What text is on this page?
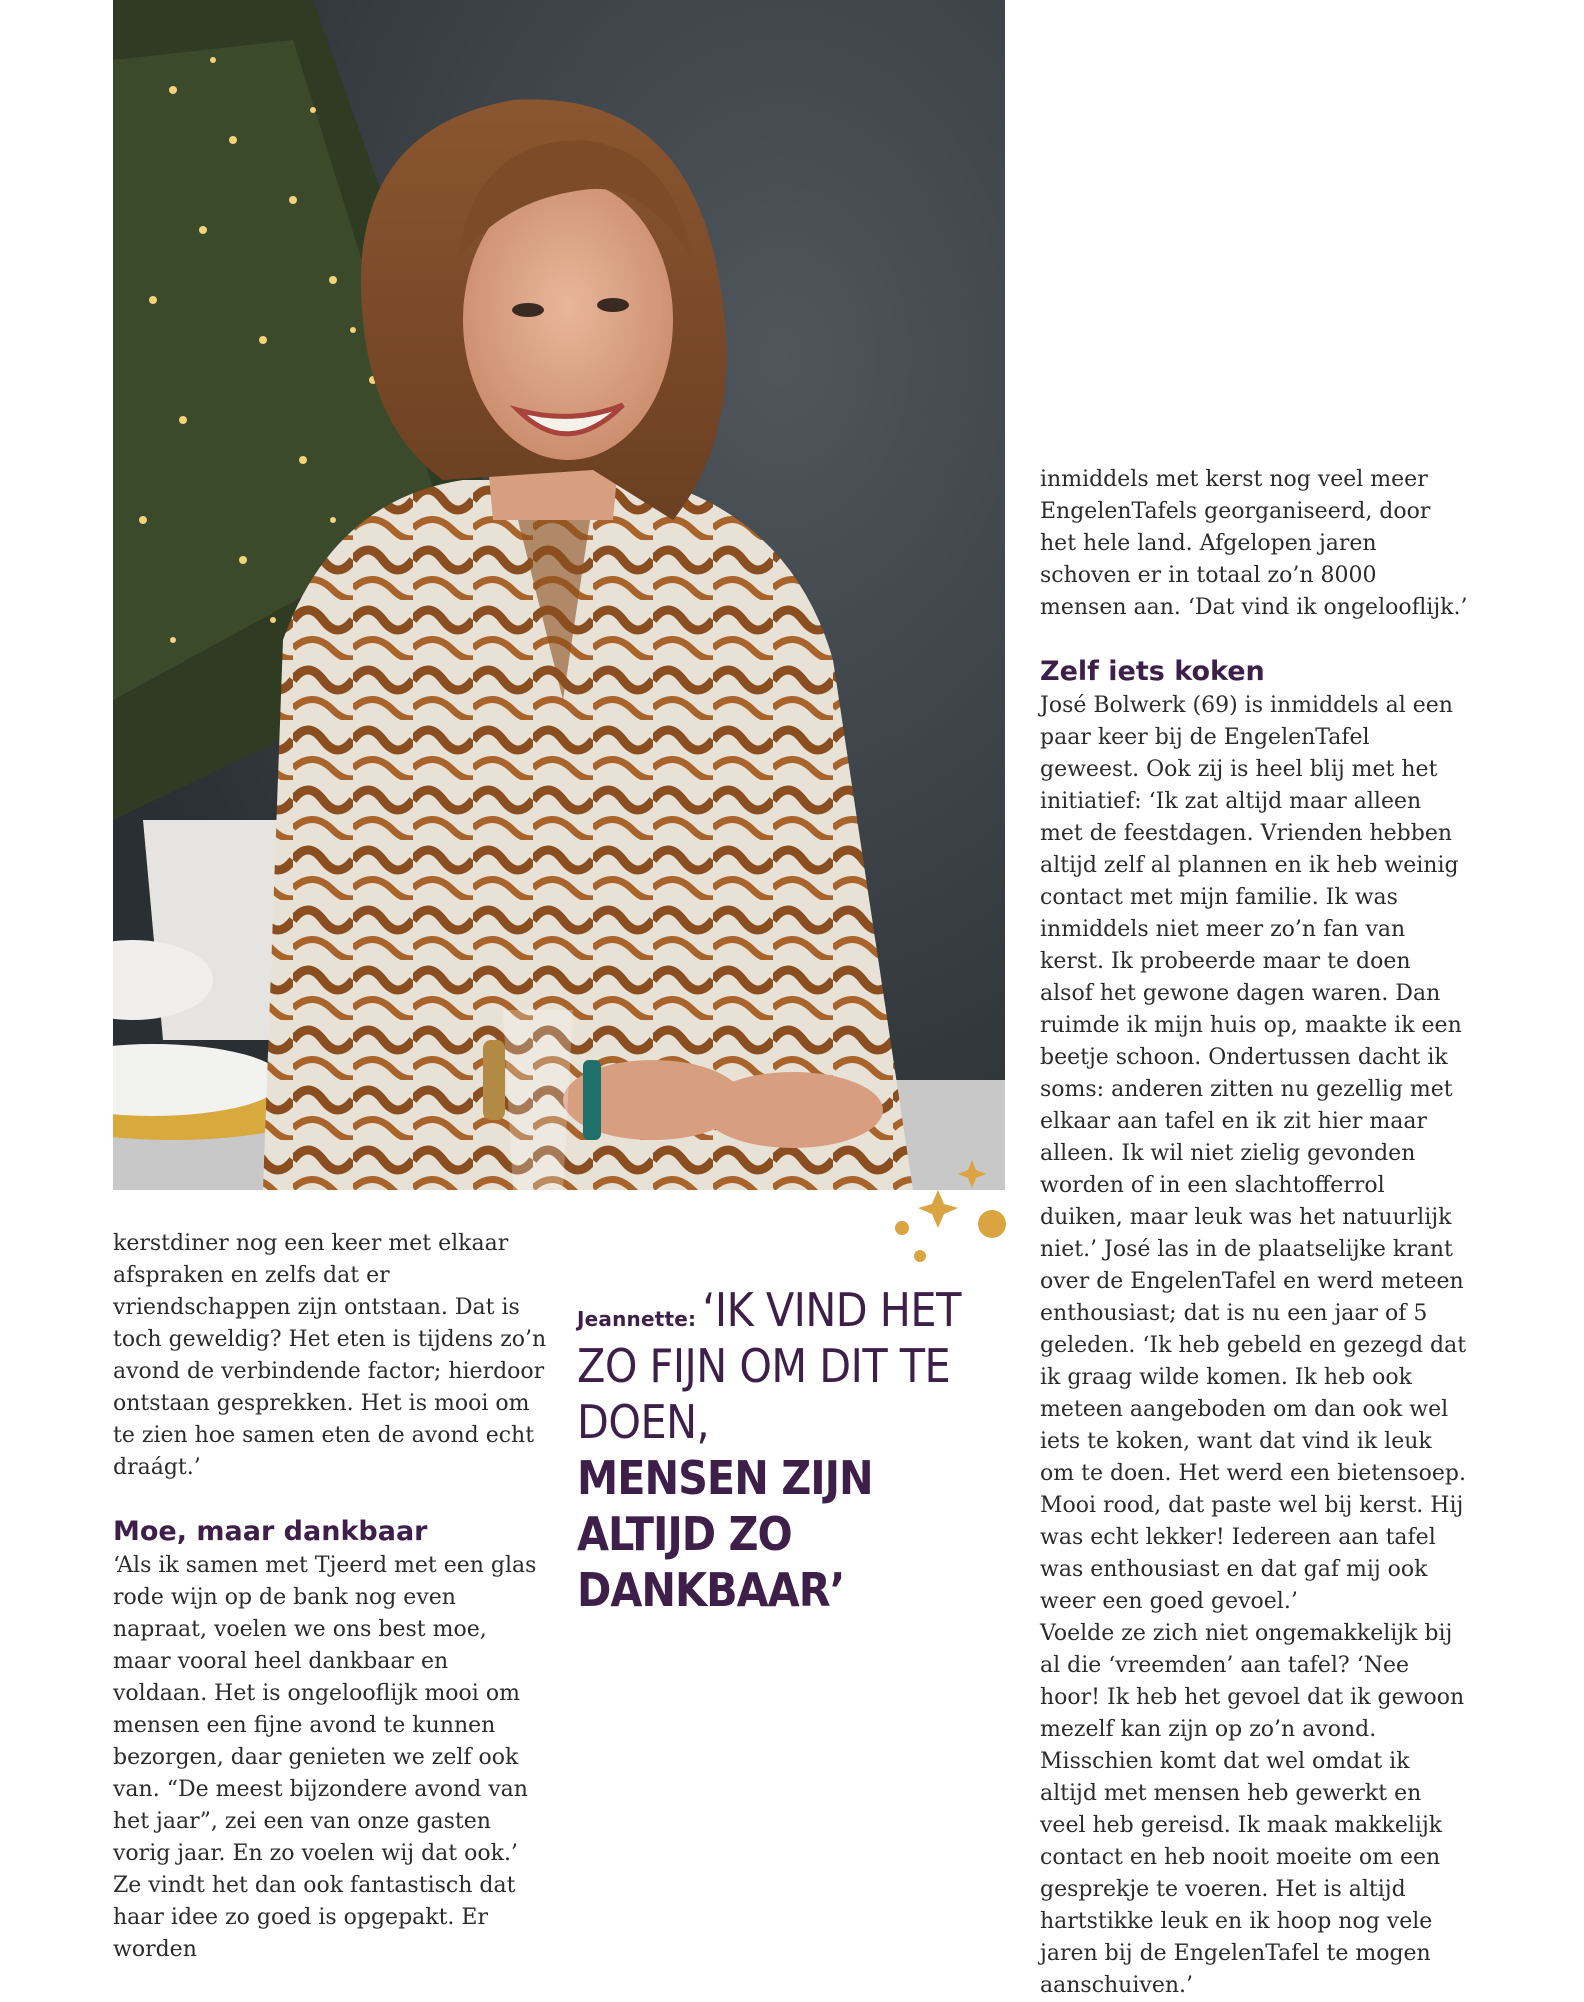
kerstdiner nog een keer met elkaar afspraken en zelfs dat er vriendschappen zijn ontstaan. Dat is toch geweldig? Het eten is tijdens zo’n avond de verbindende factor; hierdoor ontstaan gesprekken. Het is mooi om te zien hoe samen eten de avond echt draágt.’

Moe, maar dankbaar

‘Als ik samen met Tjeerd met een glas rode wijn op de bank nog even napraat, voelen we ons best moe, maar vooral heel dankbaar en voldaan. Het is ongelooflijk mooi om mensen een fijne avond te kunnen bezorgen, daar genieten we zelf ook van. “De meest bijzondere avond van het jaar”, zei een van onze gasten vorig jaar. En zo voelen wij dat ook.’

Ze vindt het dan ook fantastisch dat haar idee zo goed is opgepakt. Er worden

Jeannette: ‘IK VIND HET ZO FIJN OM DIT TE DOEN,
MENSEN ZIJN ALTIJD ZO DANKBAAR’

inmiddels met kerst nog veel meer EngelenTafels georganiseerd, door het hele land. Afgelopen jaren schoven er in totaal zo’n 8000 mensen aan. ‘Dat vind ik ongelooflijk.’

Zelf iets koken

José Bolwerk (69) is inmiddels al een paar keer bij de EngelenTafel geweest. Ook zij is heel blij met het initiatief: ‘Ik zat altijd maar alleen met de feestdagen. Vrienden hebben altijd zelf al plannen en ik heb weinig contact met mijn familie. Ik was inmiddels niet meer zo’n fan van kerst. Ik probeerde maar te doen alsof het gewone dagen waren. Dan ruimde ik mijn huis op, maakte ik een beetje schoon. Ondertussen dacht ik soms: anderen zitten nu gezellig met elkaar aan tafel en ik zit hier maar alleen. Ik wil niet zielig gevonden worden of in een slachtofferrol duiken, maar leuk was het natuurlijk niet.’ José las in de plaatselijke krant over de EngelenTafel en werd meteen enthousiast; dat is nu een jaar of 5 geleden. ‘Ik heb gebeld en gezegd dat ik graag wilde komen. Ik heb ook meteen aangeboden om dan ook wel iets te koken, want dat vind ik leuk om te doen. Het werd een bietensoep. Mooi rood, dat paste wel bij kerst. Hij was echt lekker! Iedereen aan tafel was enthousiast en dat gaf mij ook weer een goed gevoel.’

Voelde ze zich niet ongemakkelijk bij al die ‘vreemden’ aan tafel? ‘Nee hoor! Ik heb het gevoel dat ik gewoon mezelf kan zijn op zo’n avond. Misschien komt dat wel omdat ik altijd met mensen heb gewerkt en veel heb gereisd. Ik maak makkelijk contact en heb nooit moeite om een gesprekje te voeren. Het is altijd hartstikke leuk en ik hoop nog vele jaren bij de EngelenTafel te mogen aanschuiven.’
